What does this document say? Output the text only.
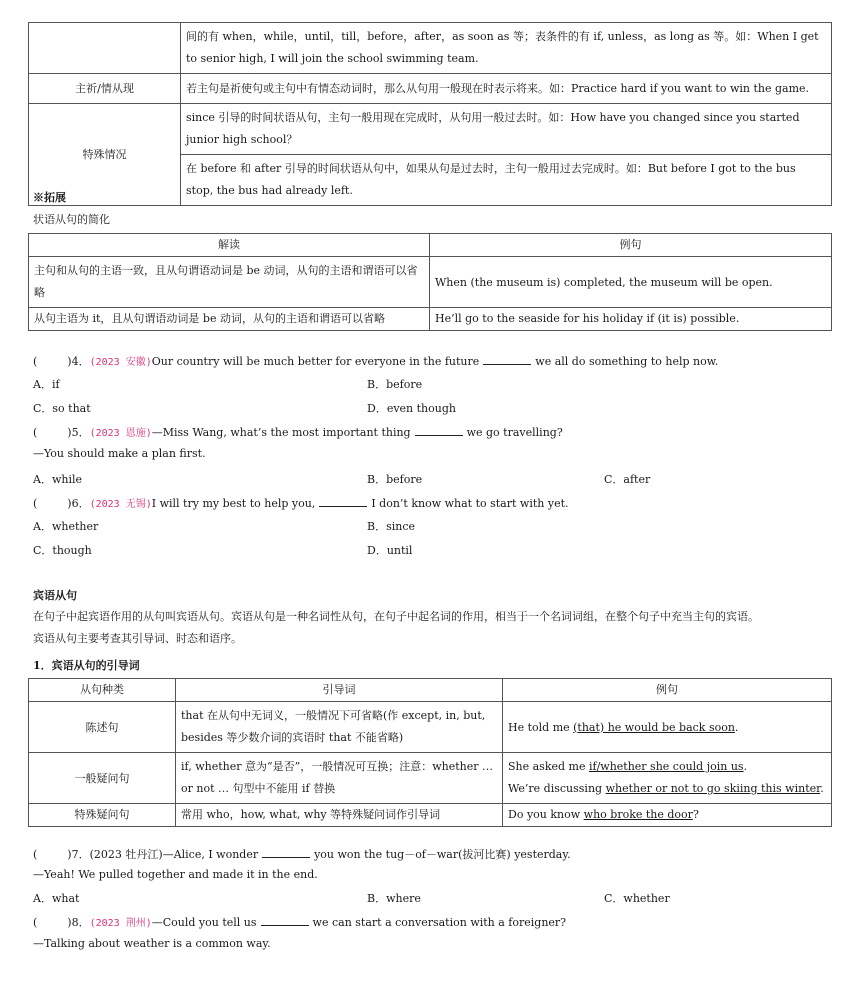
	间的有 when，while，until，till，before，after，as soon as 等；表条件的有 if, unless，as long as 等。如：When I get to senior high, I will join the school swimming team.
主祈/情从现	若主句是祈使句或主句中有情态动词时，那么从句用一般现在时表示将来。如：Practice hard if you want to win the game.
特殊情况	since 引导的时间状语从句，主句一般用现在完成时，从句用一般过去时。如：How have you changed since you started junior high school？
	在 before 和 after 引导的时间状语从句中，如果从句是过去时，主句一般用过去完成时。如：But before I got to the bus stop, the bus had already left.
※拓展
状语从句的简化
解读	例句
主句和从句的主语一致，且从句谓语动词是 be 动词，从句的主语和谓语可以省略	When (the museum is) completed, the museum will be open.
从句主语为 it，且从句谓语动词是 be 动词，从句的主语和谓语可以省略	He’ll go to the seaside for his holiday if (it is) possible.
(	)4．(2023 安徽)Our country will be much better for everyone in the future	we all do something to help now.
A．if	B．before
C．so that	D．even though
(	)5．(2023 恩施)—Miss Wang, what’s the most important thing	we go travelling?
—You should make a plan first.
A．while	B．before	C．after
(	)6．(2023 无锡)I will try my best to help you,	I don’t know what to start with yet.
A．whether	B．since
C．though	D．until
宾语从句
在句子中起宾语作用的从句叫宾语从句。宾语从句是一种名词性从句，在句子中起名词的作用，相当于一个名词词组，在整个句子中充当主句的宾语。
宾语从句主要考查其引导词、时态和语序。
1．宾语从句的引导词
从句种类	引导词	例句
陈述句	that 在从句中无词义，一般情况下可省略(作 except, in, but, besides 等少数介词的宾语时 that 不能省略)	He told me (that) he would be back soon.
一般疑问句	if, whether 意为“是否”，一般情况可互换；注意：whether … or not … 句型中不能用 if 替换	She asked me if/whether she could join us.
We’re discussing whether or not to go skiing this winter.

特殊疑问句	常用 who，how, what, why 等特殊疑问词作引导词	Do you know who broke the door?
(	)7．(2023 牡丹江)—Alice, I wonder	you won the tug－of－war(拔河比赛) yesterday.
—Yeah! We pulled together and made it in the end.
A．what	B．where	C．whether
(	)8．(2023 荆州)—Could you tell us	we can start a conversation with a foreigner?
—Talking about weather is a common way.
